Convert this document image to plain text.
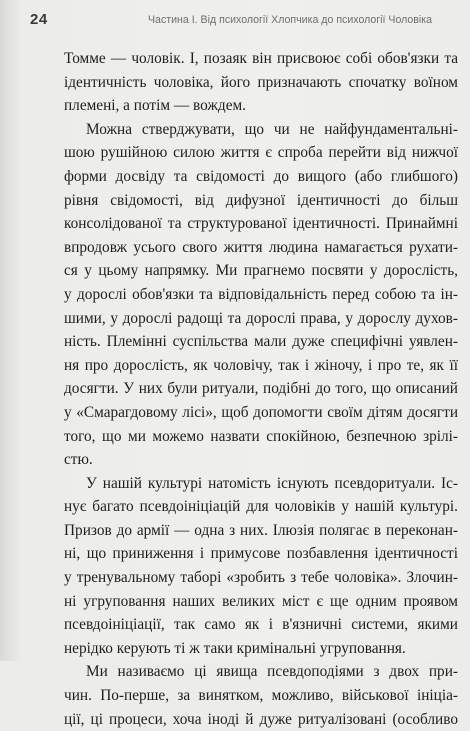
24	Частина І. Від психології Хлопчика до психології Чоловіка
Томме — чоловік. І, позаяк він присвоює собі обов'язки та
ідентичність чоловіка, його призначають спочатку воїном
племені, а потім — вождем.
Можна стверджувати, що чи не найфундаментальні-
шою рушійною силою життя є спроба перейти від нижчої
форми досвіду та свідомості до вищого (або глибшого)
рівня свідомості, від дифузної ідентичності до більш
консолідованої та структурованої ідентичності. Принаймні
впродовж усього свого життя людина намагається рухати-
ся у цьому напрямку. Ми прагнемо посвяти у дорослість,
у дорослі обов'язки та відповідальність перед собою та ін-
шими, у дорослі радощі та дорослі права, у дорослу духов-
ність. Племінні суспільства мали дуже специфічні уявлен-
ня про дорослість, як чоловічу, так і жіночу, і про те, як її
досягти. У них були ритуали, подібні до того, що описаний
у «Смарагдовому лісі», щоб допомогти своїм дітям досягти
того, що ми можемо назвати спокійною, безпечною зрілі-
стю.
У нашій культурі натомість існують псевдоритуали. Іс-
нує багато псевдоініціацій для чоловіків у нашій культурі.
Призов до армії — одна з них. Ілюзія полягає в переконан-
ні, що приниження і примусове позбавлення ідентичності
у тренувальному таборі «зробить з тебе чоловіка». Злочин-
ні угруповання наших великих міст є ще одним проявом
псевдоініціації, так само як і в'язничні системи, якими
нерідко керують ті ж таки кримінальні угруповання.
Ми називаємо ці явища псевдоподіями з двох при-
чин. По-перше, за винятком, можливо, військової ініціа-
ції, ці процеси, хоча іноді й дуже ритуалізовані (особливо
